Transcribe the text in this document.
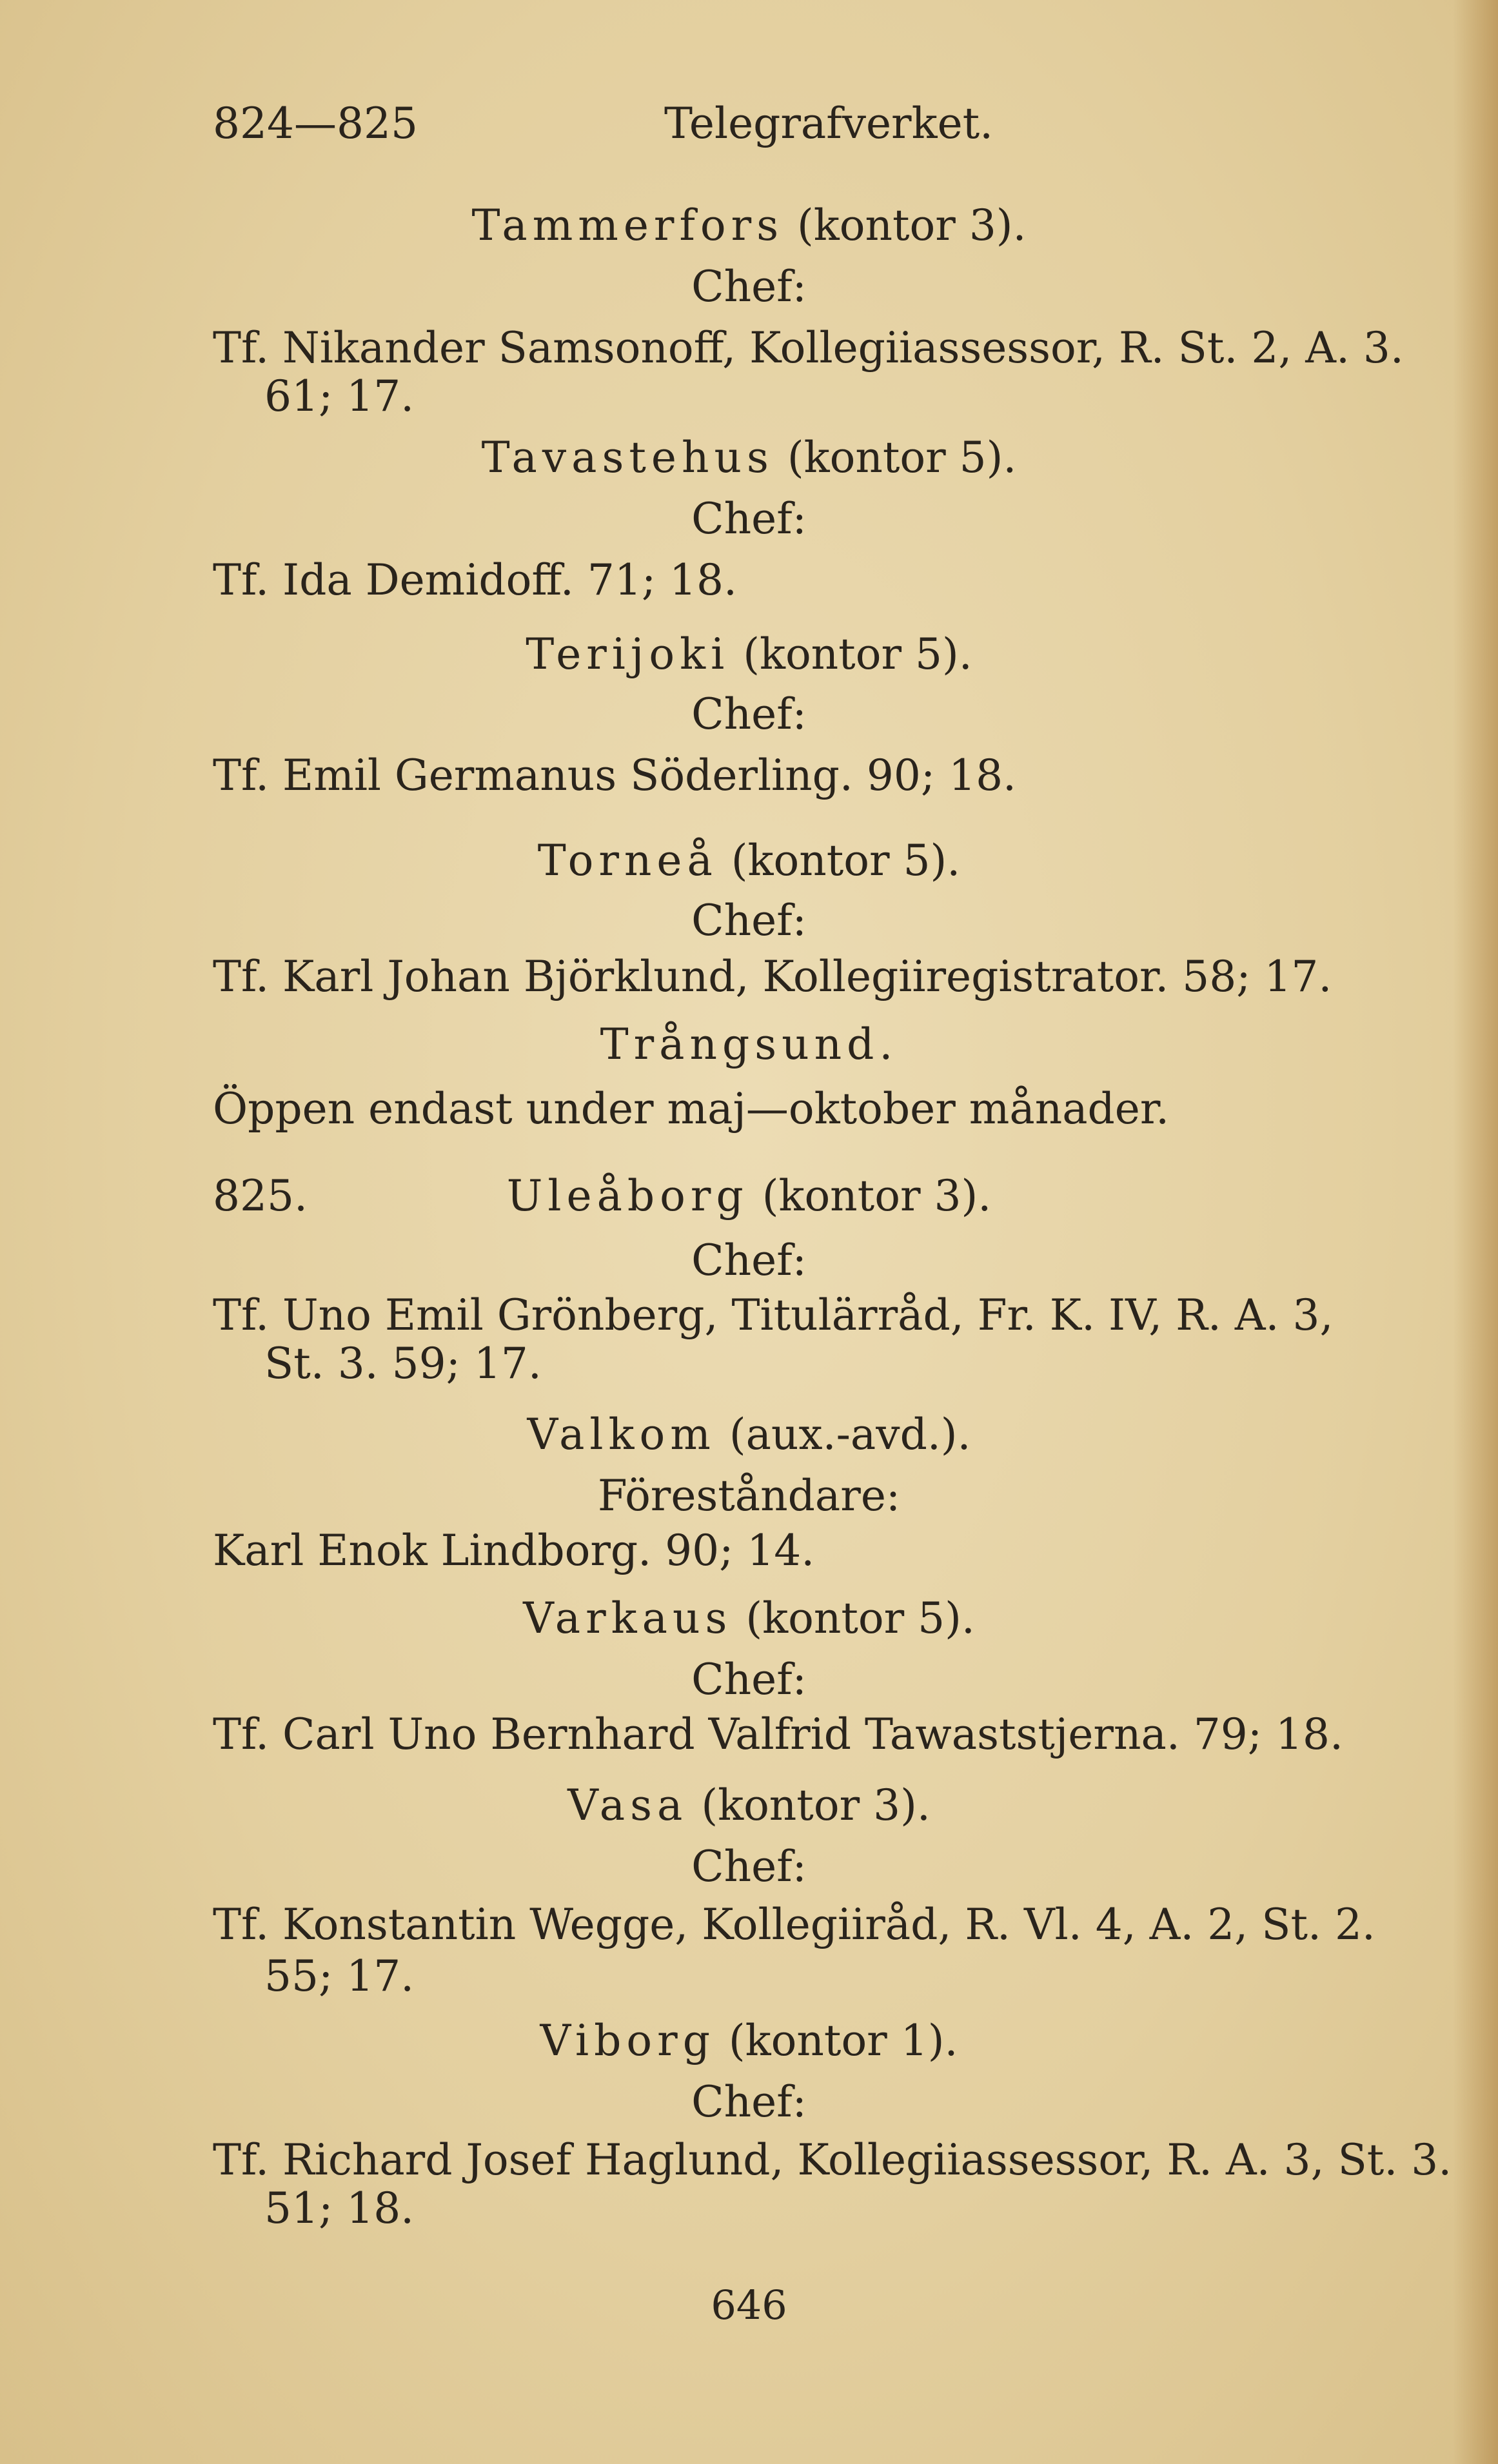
824—825	Telegrafverket.
Tammerfors (kontor 3).
Chef:
Tf. Nikander Samsonoff, Kollegiiassessor, R. St. 2, A. 3.
61; 17.
Tavastehus (kontor 5).
Chef:
Tf. Ida Demidoff. 71; 18.
Terijoki (kontor 5).
Chef:
Tf. Emil Germanus Söderling. 90; 18.
Torneå (kontor 5).
Chef:
Tf. Karl Johan Björklund, Kollegiiregistrator. 58; 17.
Trångsund.
Öppen endast under maj—oktober månader.
825.	Uleåborg (kontor 3).
Chef:
Tf. Uno Emil Grönberg, Titulärråd, Fr. K. IV, R. A. 3,
St. 3. 59; 17.
Valkom (aux.-avd.).
Föreståndare:
Karl Enok Lindborg. 90; 14.
Varkaus (kontor 5).
Chef:
Tf. Carl Uno Bernhard Valfrid Tawaststjerna. 79; 18.
Vasa (kontor 3).
Chef:
Tf. Konstantin Wegge, Kollegiiråd, R. Vl. 4, A. 2, St. 2.
55; 17.
Viborg (kontor 1).
Chef:
Tf. Richard Josef Haglund, Kollegiiassessor, R. A. 3, St. 3.
51; 18.
646
